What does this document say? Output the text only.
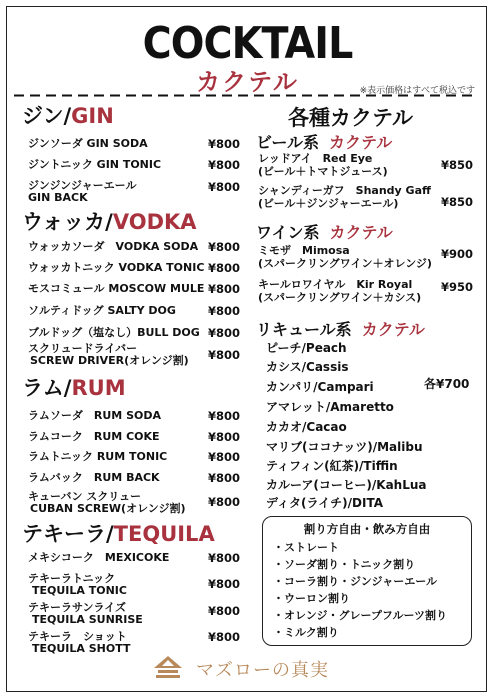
COCKTAIL
カクテル	※表示価格はすべて税込です
ジン/GIN
ジンソーダ GIN SODA	¥800
ジントニック GIN TONIC	¥800
ジンジンジャーエール
GIN BACK
¥800
ウォッカ/VODKA
ウォッカソーダ　VODKA SODA ¥800
ウォッカトニック VODKA TONIC ¥800
モスコミュール MOSCOW MULE ¥800
ソルティドッグ SALTY DOG	¥800
ブルドッグ（塩なし）BULL DOG ¥800
スクリュードライバー
SCREW DRIVER(オレンジ割) ¥800
ラム/RUM
ラムソーダ　RUM SODA	¥800
ラムコーク　RUM COKE	¥800
ラムトニック RUM TONIC	¥800
ラムバック　RUM BACK	¥800
キューバン スクリュー
CUBAN SCREW(オレンジ割) ¥800
テキーラ/TEQUILA
メキシコーク　MEXICOKE	¥800
テキーラトニック
TEQUILA TONIC	¥800
テキーラサンライズ
TEQUILA SUNRISE
¥800
テキーラ　ショット
TEQUILA SHOTT
¥800
各種カクテル
ビール系 カクテル
レッドアイ　Red Eye
(ビール＋トマトジュース)	¥850
シャンディーガフ　Shandy Gaff
(ビール＋ジンジャーエール)	¥850
ワイン系 カクテル
ミモザ　Mimosa
(スパークリングワイン＋オレンジ)
¥900
キールロワイヤル　Kir Royal
(スパークリングワイン＋カシス)
¥950
リキュール系 カクテル
ピーチ/Peach
カシス/Cassis
カンパリ/Campari
アマレット/Amaretto
カカオ/Cacao
マリブ(ココナッツ)/Malibu
ティフィン(紅茶)/Tiffin
カルーア(コーヒー)/KahLua
ディタ(ライチ)/DITA
各¥700
割り方自由・飲み方自由
・ストレート
・ソーダ割り・トニック割り
・コーラ割り・ジンジャーエール
・ウーロン割り
・オレンジ・グレープフルーツ割り
・ミルク割り
マズローの真実
